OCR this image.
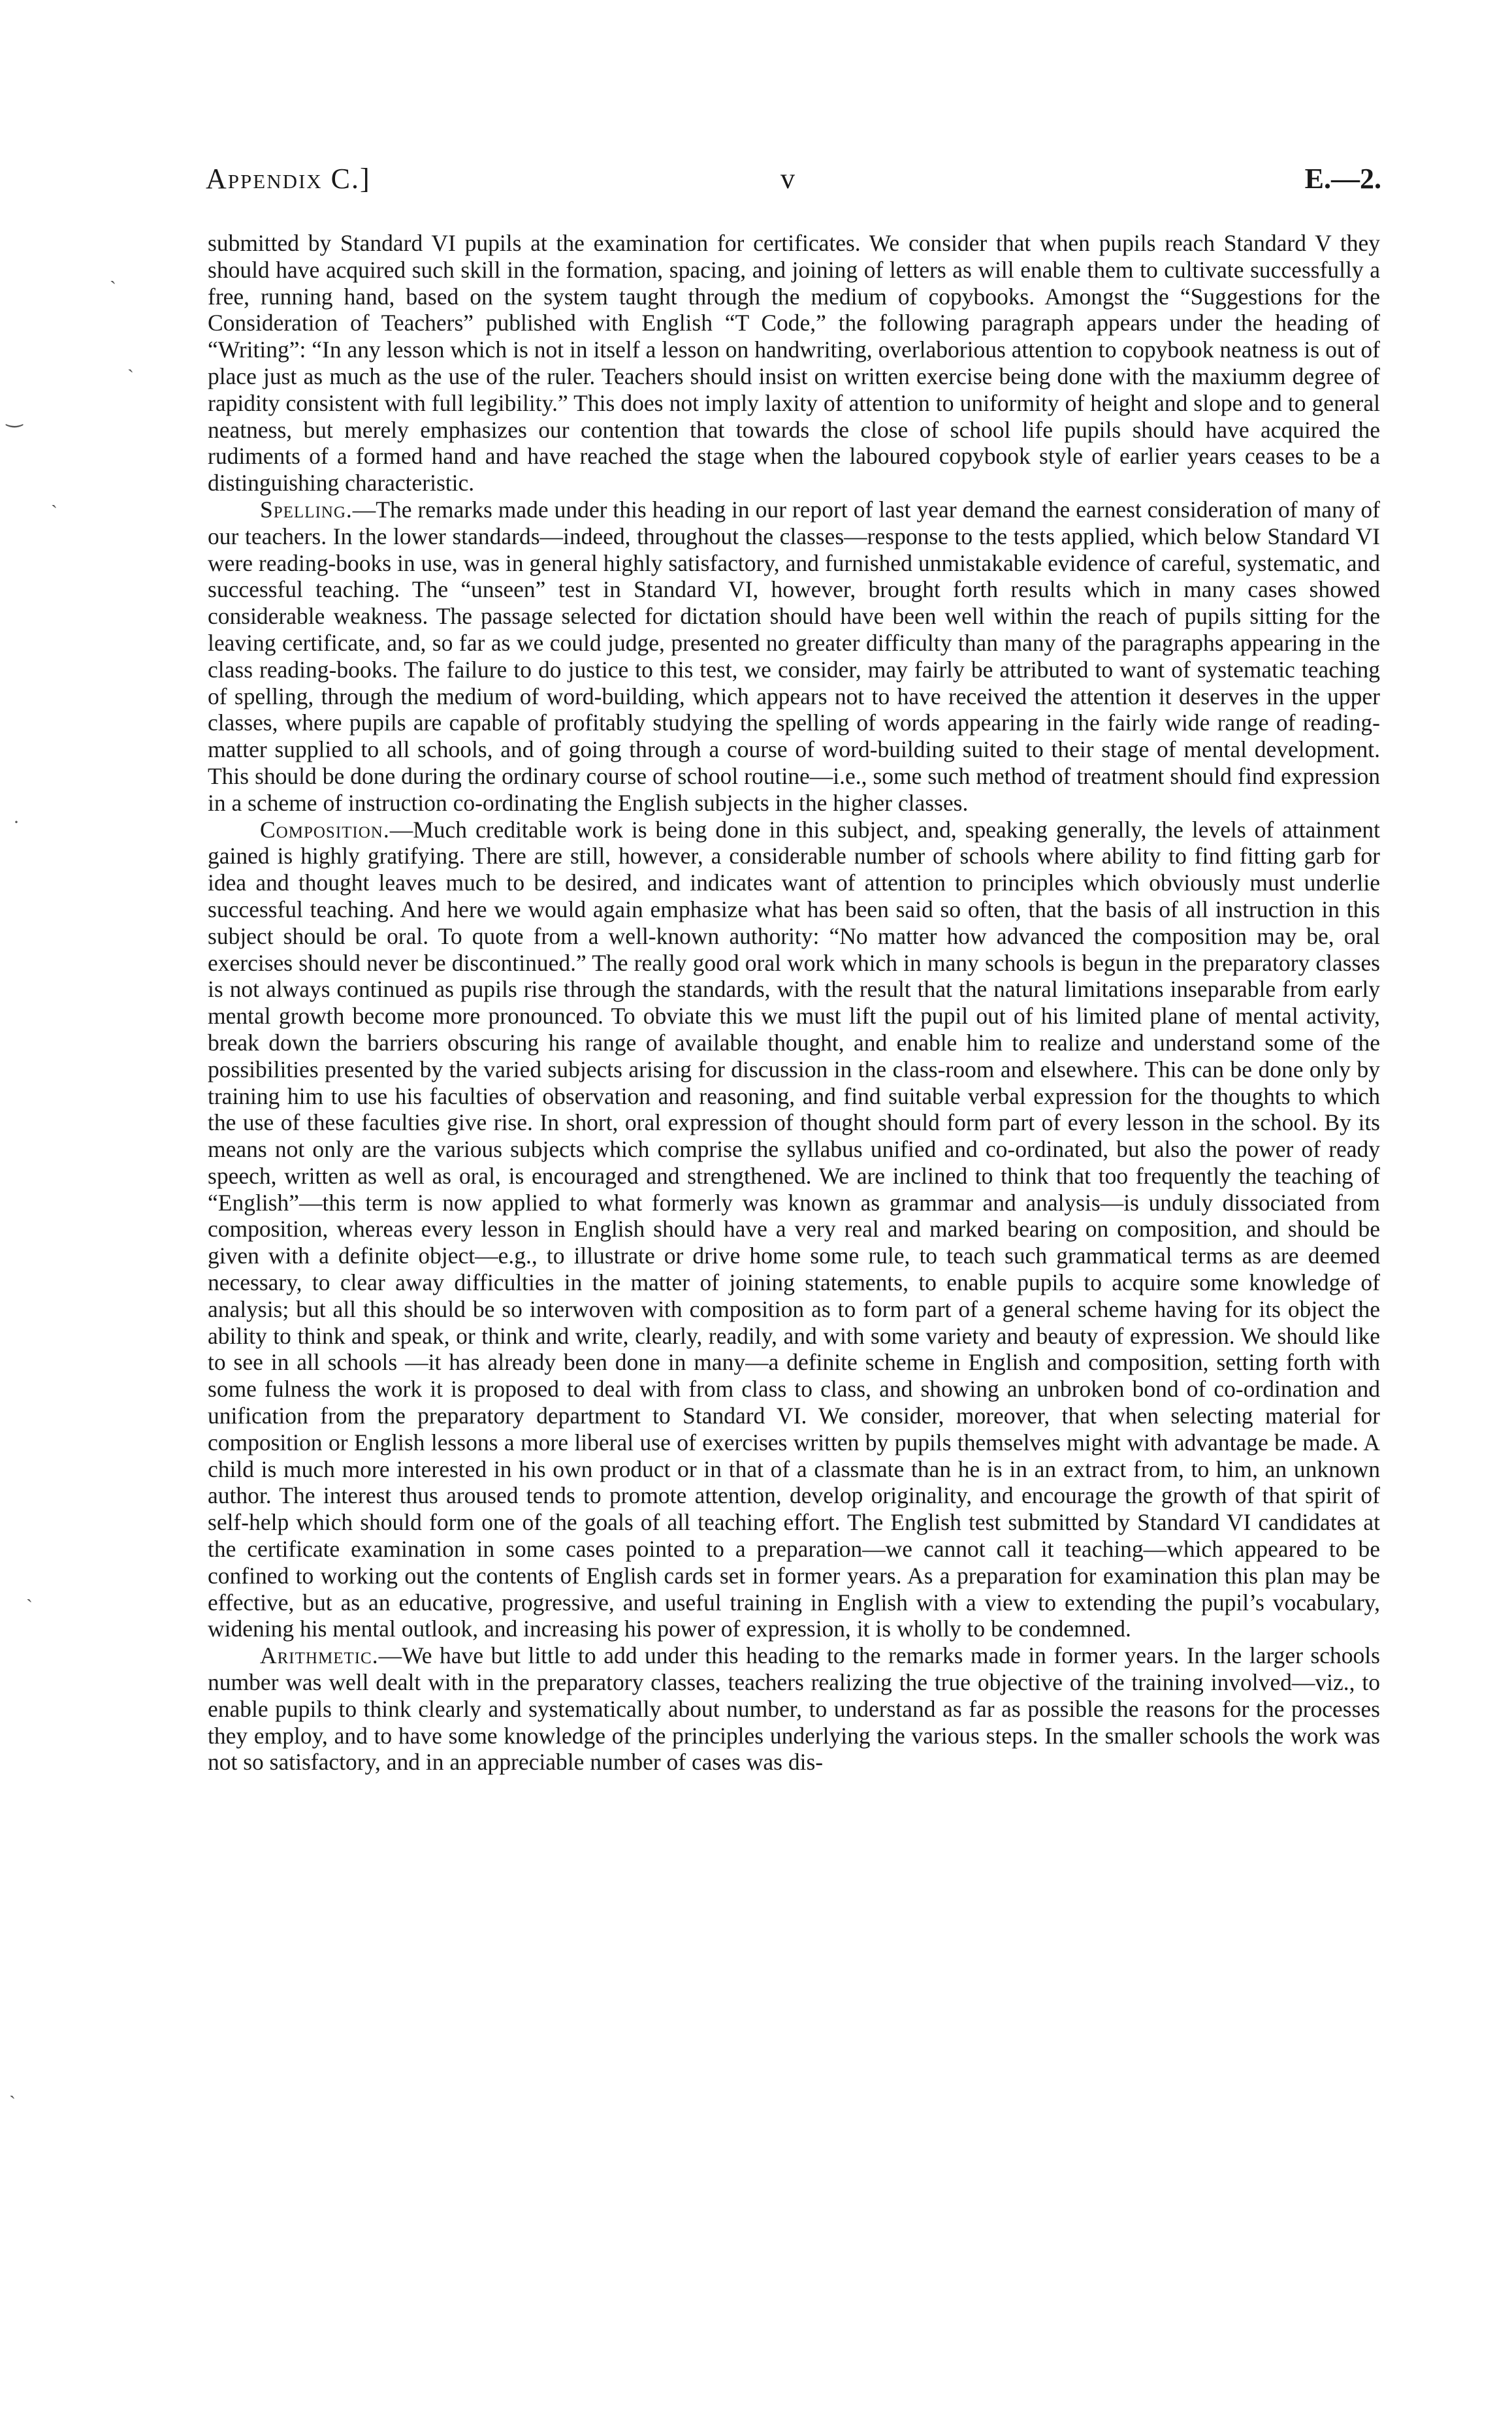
Appendix C.]	v	E.—2.

submitted by Standard VI pupils at the examination for certificates. We consider that when pupils reach Standard V they should have acquired such skill in the formation, spacing, and joining of letters as will enable them to cultivate successfully a free, running hand, based on the system taught through the medium of copybooks. Amongst the “Suggestions for the Consideration of Teachers” published with English “T Code,” the following paragraph appears under the heading of “Writing”: “In any lesson which is not in itself a lesson on handwriting, overlaborious attention to copybook neatness is out of place just as much as the use of the ruler. Teachers should insist on written exercise being done with the maxiumm degree of rapidity consistent with full legibility.” This does not imply laxity of attention to uniformity of height and slope and to general neatness, but merely emphasizes our contention that towards the close of school life pupils should have acquired the rudiments of a formed hand and have reached the stage when the laboured copybook style of earlier years ceases to be a distinguishing characteristic.

Spelling.—The remarks made under this heading in our report of last year demand the earnest consideration of many of our teachers. In the lower standards—indeed, throughout the classes—response to the tests applied, which below Standard VI were reading-books in use, was in general highly satisfactory, and furnished unmistakable evidence of careful, systematic, and successful teaching. The “unseen” test in Standard VI, however, brought forth results which in many cases showed considerable weakness. The passage selected for dictation should have been well within the reach of pupils sitting for the leaving certificate, and, so far as we could judge, presented no greater difficulty than many of the paragraphs appearing in the class reading-books. The failure to do justice to this test, we consider, may fairly be attributed to want of systematic teaching of spelling, through the medium of word-building, which appears not to have received the attention it deserves in the upper classes, where pupils are capable of profitably studying the spelling of words appearing in the fairly wide range of reading-matter supplied to all schools, and of going through a course of word-building suited to their stage of mental development. This should be done during the ordinary course of school routine—i.e., some such method of treatment should find expression in a scheme of instruction co-ordinating the English subjects in the higher classes.

Composition.—Much creditable work is being done in this subject, and, speaking generally, the levels of attainment gained is highly gratifying. There are still, however, a considerable number of schools where ability to find fitting garb for idea and thought leaves much to be desired, and indicates want of attention to principles which obviously must underlie successful teaching. And here we would again emphasize what has been said so often, that the basis of all instruction in this subject should be oral. To quote from a well-known authority: “No matter how advanced the composition may be, oral exercises should never be discontinued.” The really good oral work which in many schools is begun in the preparatory classes is not always continued as pupils rise through the standards, with the result that the natural limitations inseparable from early mental growth become more pronounced. To obviate this we must lift the pupil out of his limited plane of mental activity, break down the barriers obscuring his range of available thought, and enable him to realize and understand some of the possibilities presented by the varied subjects arising for discussion in the class-room and elsewhere. This can be done only by training him to use his faculties of observation and reasoning, and find suitable verbal expression for the thoughts to which the use of these faculties give rise. In short, oral expression of thought should form part of every lesson in the school. By its means not only are the various subjects which comprise the syllabus unified and co-ordinated, but also the power of ready speech, written as well as oral, is encouraged and strengthened. We are inclined to think that too frequently the teaching of “English”—this term is now applied to what formerly was known as grammar and analysis—is unduly dissociated from composition, whereas every lesson in English should have a very real and marked bearing on composition, and should be given with a definite object—e.g., to illustrate or drive home some rule, to teach such grammatical terms as are deemed necessary, to clear away difficulties in the matter of joining statements, to enable pupils to acquire some knowledge of analysis; but all this should be so interwoven with composition as to form part of a general scheme having for its object the ability to think and speak, or think and write, clearly, readily, and with some variety and beauty of expression. We should like to see in all schools —it has already been done in many—a definite scheme in English and composition, setting forth with some fulness the work it is proposed to deal with from class to class, and showing an unbroken bond of co-ordination and unification from the preparatory department to Standard VI. We consider, moreover, that when selecting material for composition or English lessons a more liberal use of exercises written by pupils themselves might with advantage be made. A child is much more interested in his own product or in that of a classmate than he is in an extract from, to him, an unknown author. The interest thus aroused tends to promote attention, develop originality, and encourage the growth of that spirit of self-help which should form one of the goals of all teaching effort. The English test submitted by Standard VI candidates at the certificate examination in some cases pointed to a preparation—we cannot call it teaching—which appeared to be confined to working out the contents of English cards set in former years. As a preparation for examination this plan may be effective, but as an educative, progressive, and useful training in English with a view to extending the pupil’s vocabulary, widening his mental outlook, and increasing his power of expression, it is wholly to be condemned.

Arithmetic.—We have but little to add under this heading to the remarks made in former years. In the larger schools number was well dealt with in the preparatory classes, teachers realizing the true objective of the training involved—viz., to enable pupils to think clearly and systematically about number, to understand as far as possible the reasons for the processes they employ, and to have some knowledge of the principles underlying the various steps. In the smaller schools the work was not so satisfactory, and in an appreciable number of cases was dis-

ˏ
ˋ
‿
ˎ
·
ˎ
ˎ
